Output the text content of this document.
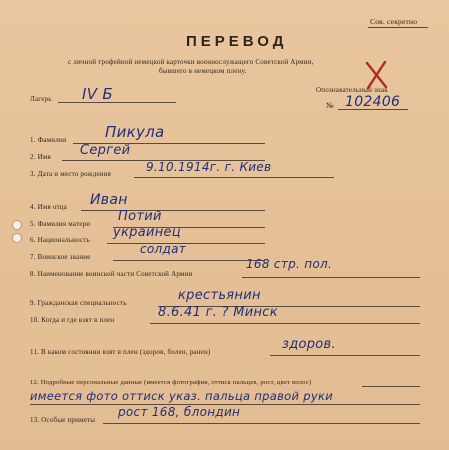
Сов. секретно
ПЕРЕВОД
с личной трофейной немецкой карточки военнослужащего Советской Армии,
бывшего в немецком плену.
Лагерь IV Б	Опознавательный знак
№ 102406
1. Фамилия	Пикула
2. Имя Сергей
3. Дата и место рождения	9.10.1914г. г. Киев
4. Имя отца Иван
5. Фамилия матери Потий
6. Национальность украинец
7. Воинское звание
солдат
8. Наименование воинской части Советской Армии
168 стр. пол.
9. Гражданская специальность	крестьянин
10. Когда и где взят в плен	8.6.41 г. ? Минск
11. В каком состоянии взят в плен (здоров, болен, ранен)	здоров.
12. Подробные персональные данные (имеется фотография, оттиск пальцев, рост, цвет волос)
имеется фото оттиск указ. пальца правой руки
13. Особые приметы
рост 168, блондин
